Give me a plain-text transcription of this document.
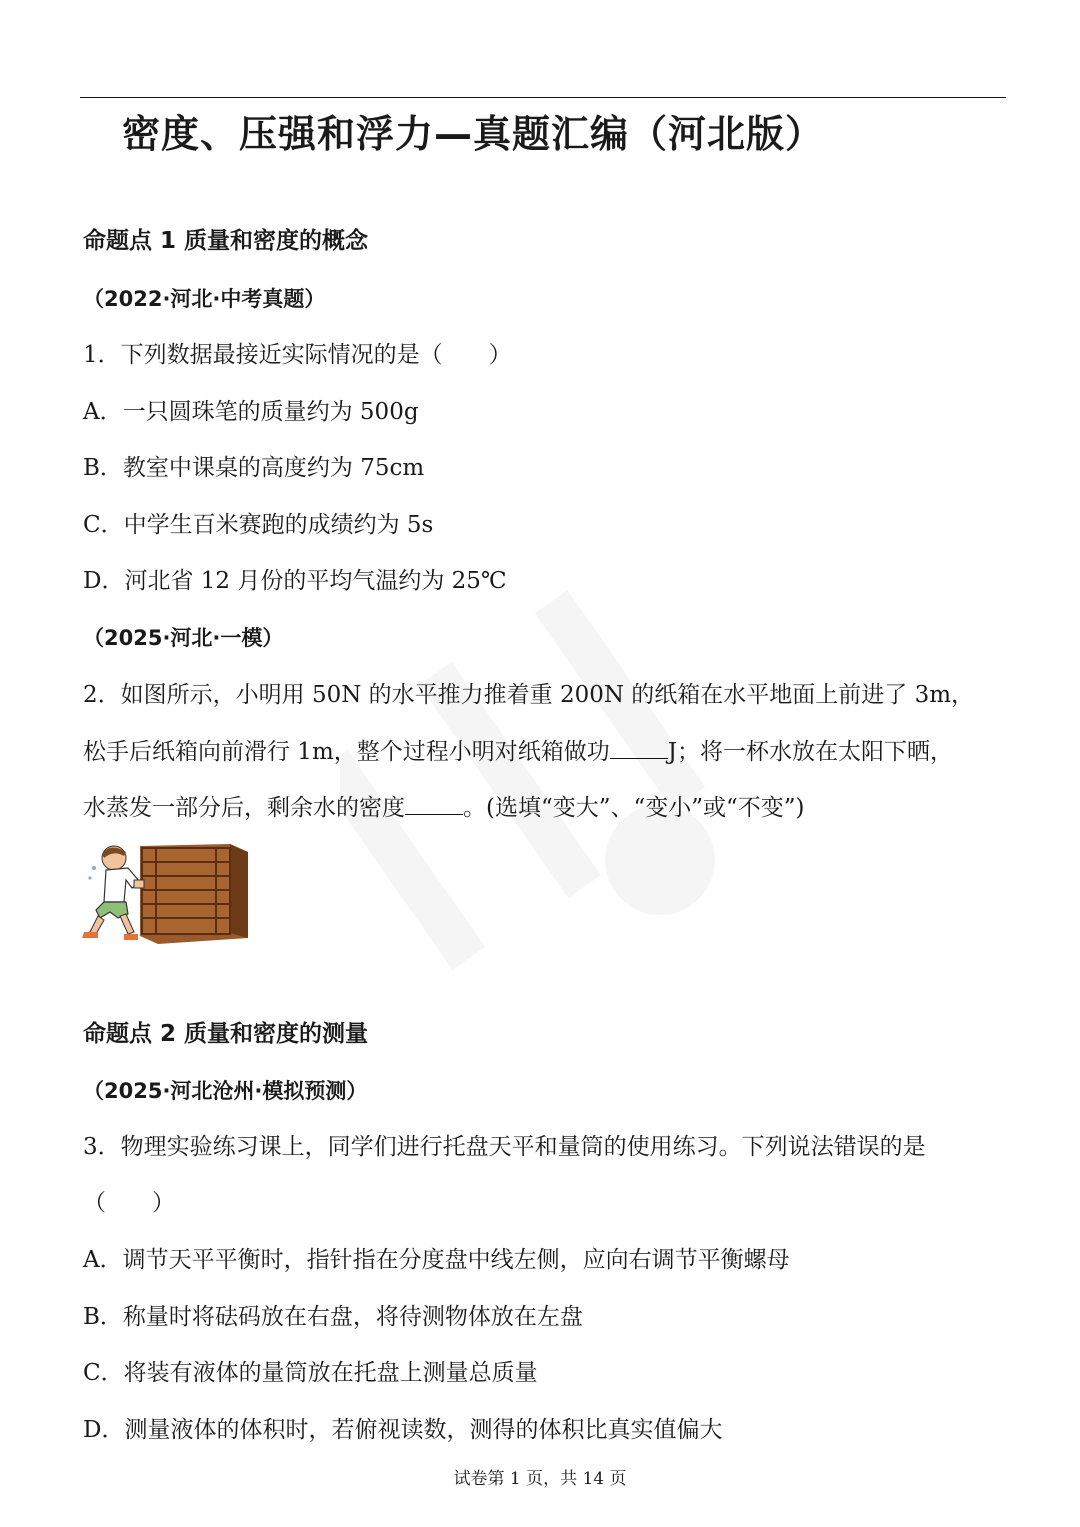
密度、压强和浮力—真题汇编（河北版）
命题点 1 质量和密度的概念
（2022·河北·中考真题）
1．下列数据最接近实际情况的是（　　）
A．一只圆珠笔的质量约为 500g
B．教室中课桌的高度约为 75cm
C．中学生百米赛跑的成绩约为 5s
D．河北省 12 月份的平均气温约为 25℃
（2025·河北·一模）
2．如图所示，小明用 50N 的水平推力推着重 200N 的纸箱在水平地面上前进了 3m，
松手后纸箱向前滑行 1m，整个过程小明对纸箱做功	J；将一杯水放在太阳下晒，
水蒸发一部分后，剩余水的密度	。(选填“变大”、“变小”或“不变”)
命题点 2 质量和密度的测量
（2025·河北沧州·模拟预测）
3．物理实验练习课上，同学们进行托盘天平和量筒的使用练习。下列说法错误的是
（　　）
A．调节天平平衡时，指针指在分度盘中线左侧，应向右调节平衡螺母
B．称量时将砝码放在右盘，将待测物体放在左盘
C．将装有液体的量筒放在托盘上测量总质量
D．测量液体的体积时，若俯视读数，测得的体积比真实值偏大
试卷第 1 页，共 14 页
